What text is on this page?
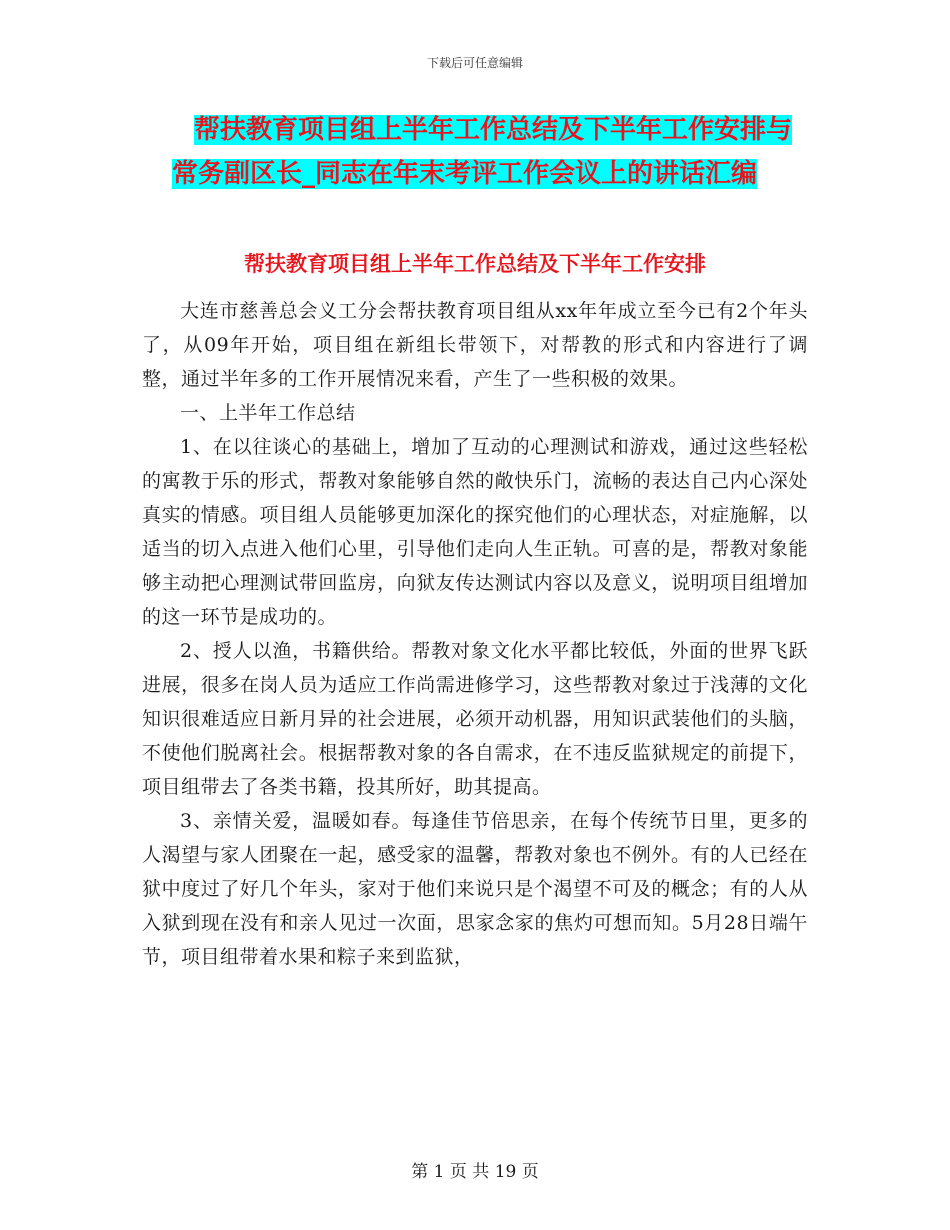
下载后可任意编辑
帮扶教育项目组上半年工作总结及下半年工作安排与
常务副区长_同志在年末考评工作会议上的讲话汇编
帮扶教育项目组上半年工作总结及下半年工作安排

大连市慈善总会义工分会帮扶教育项目组从xx年年成立至今已有2个年头了，从09年开始，项目组在新组长带领下，对帮教的形式和内容进行了调整，通过半年多的工作开展情况来看，产生了一些积极的效果。

一、上半年工作总结

1、在以往谈心的基础上，增加了互动的心理测试和游戏，通过这些轻松的寓教于乐的形式，帮教对象能够自然的敞快乐门，流畅的表达自己内心深处真实的情感。项目组人员能够更加深化的探究他们的心理状态，对症施解，以适当的切入点进入他们心里，引导他们走向人生正轨。可喜的是，帮教对象能够主动把心理测试带回监房，向狱友传达测试内容以及意义，说明项目组增加的这一环节是成功的。

2、授人以渔，书籍供给。帮教对象文化水平都比较低，外面的世界飞跃进展，很多在岗人员为适应工作尚需进修学习，这些帮教对象过于浅薄的文化知识很难适应日新月异的社会进展，必须开动机器，用知识武装他们的头脑，不使他们脱离社会。根据帮教对象的各自需求，在不违反监狱规定的前提下，项目组带去了各类书籍，投其所好，助其提高。

3、亲情关爱，温暖如春。每逢佳节倍思亲，在每个传统节日里，更多的人渴望与家人团聚在一起，感受家的温馨，帮教对象也不例外。有的人已经在狱中度过了好几个年头，家对于他们来说只是个渴望不可及的概念；有的人从入狱到现在没有和亲人见过一次面，思家念家的焦灼可想而知。5月28日端午节，项目组带着水果和粽子来到监狱，

第 1 页 共 19 页
